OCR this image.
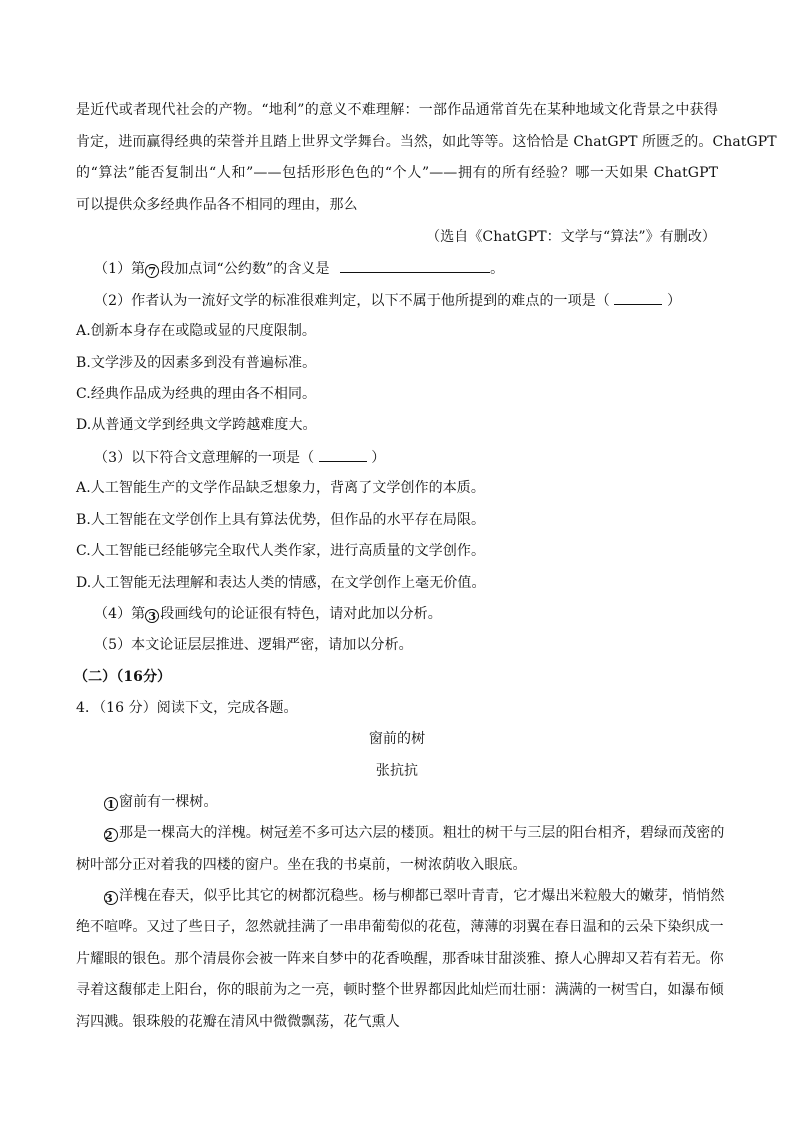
是近代或者现代社会的产物。“地利”的意义不难理解：一部作品通常首先在某种地域文化背景之中获得
肯定，进而赢得经典的荣誉并且踏上世界文学舞台。当然，如此等等。这恰恰是 ChatGPT 所匮乏的。ChatGPT
的“算法”能否复制出“人和”——包括形形色色的“个人”——拥有的所有经验？哪一天如果 ChatGPT
可以提供众多经典作品各不相同的理由，那么
（选自《ChatGPT：文学与“算法”》有删改）
（1）第 7 段加点词“公约数”的含义是	。
（2）作者认为一流好文学的标准很难判定，以下不属于他所提到的难点的一项是（	）
A.创新本身存在或隐或显的尺度限制。
B.文学涉及的因素多到没有普遍标准。
C.经典作品成为经典的理由各不相同。
D.从普通文学到经典文学跨越难度大。
（3）以下符合文意理解的一项是（	）
A.人工智能生产的文学作品缺乏想象力，背离了文学创作的本质。
B.人工智能在文学创作上具有算法优势，但作品的水平存在局限。
C.人工智能已经能够完全取代人类作家，进行高质量的文学创作。
D.人工智能无法理解和表达人类的情感，在文学创作上毫无价值。
（4）第 3 段画线句的论证很有特色，请对此加以分析。
（5）本文论证层层推进、逻辑严密，请加以分析。
（二）（16分）
4．（16 分）阅读下文，完成各题。
窗前的树
张抗抗
1 窗前有一棵树。
2 那是一棵高大的洋槐。树冠差不多可达六层的楼顶。粗壮的树干与三层的阳台相齐，碧绿而茂密的
树叶部分正对着我的四楼的窗户。坐在我的书桌前，一树浓荫收入眼底。
3 洋槐在春天，似乎比其它的树都沉稳些。杨与柳都已翠叶青青，它才爆出米粒般大的嫩芽，悄悄然
绝不喧哗。又过了些日子，忽然就挂满了一串串葡萄似的花苞，薄薄的羽翼在春日温和的云朵下染织成一
片耀眼的银色。那个清晨你会被一阵来自梦中的花香唤醒，那香味甘甜淡雅、撩人心脾却又若有若无。你
寻着这馥郁走上阳台，你的眼前为之一亮，顿时整个世界都因此灿烂而壮丽：满满的一树雪白，如瀑布倾
泻四溅。银珠般的花瓣在清风中微微飘荡，花气熏人
